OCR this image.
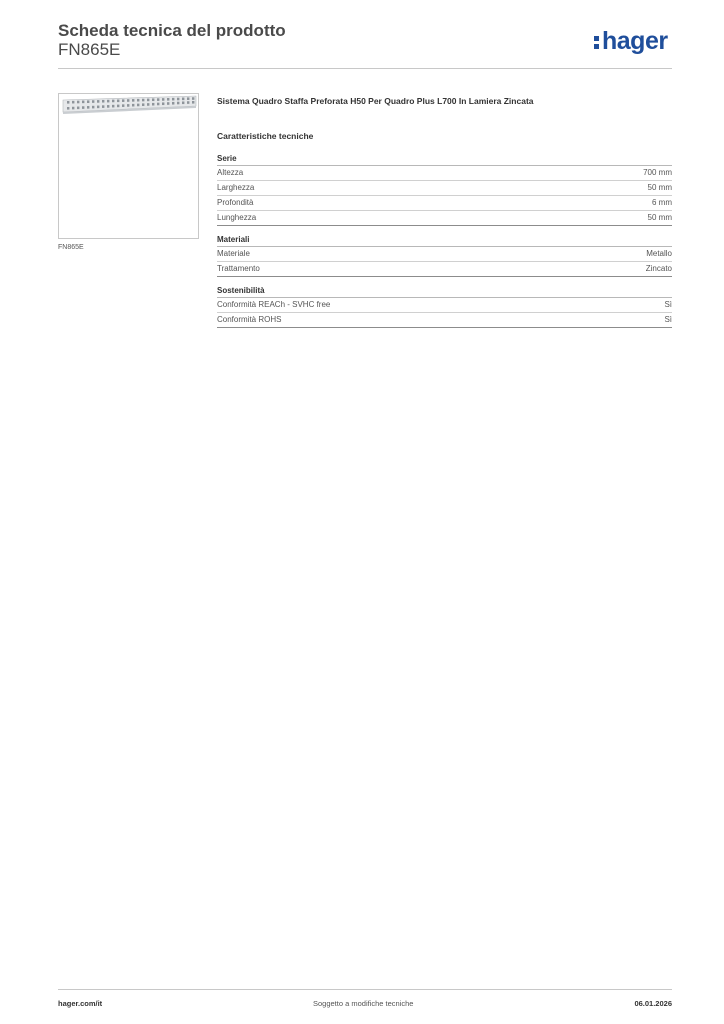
Scheda tecnica del prodotto
FN865E	hager
FN865E
Sistema Quadro Staffa Preforata H50 Per Quadro Plus L700 In Lamiera Zincata
Caratteristiche tecniche
Serie
Altezza	700 mm
Larghezza	50 mm
Profondità	6 mm
Lunghezza	50 mm
Materiali
Materiale	Metallo
Trattamento	Zincato
Sostenibilità
Conformità REACh - SVHC free	Sì
Conformità ROHS	Sì
hager.com/it	Soggetto a modifiche tecniche	06.01.2026
